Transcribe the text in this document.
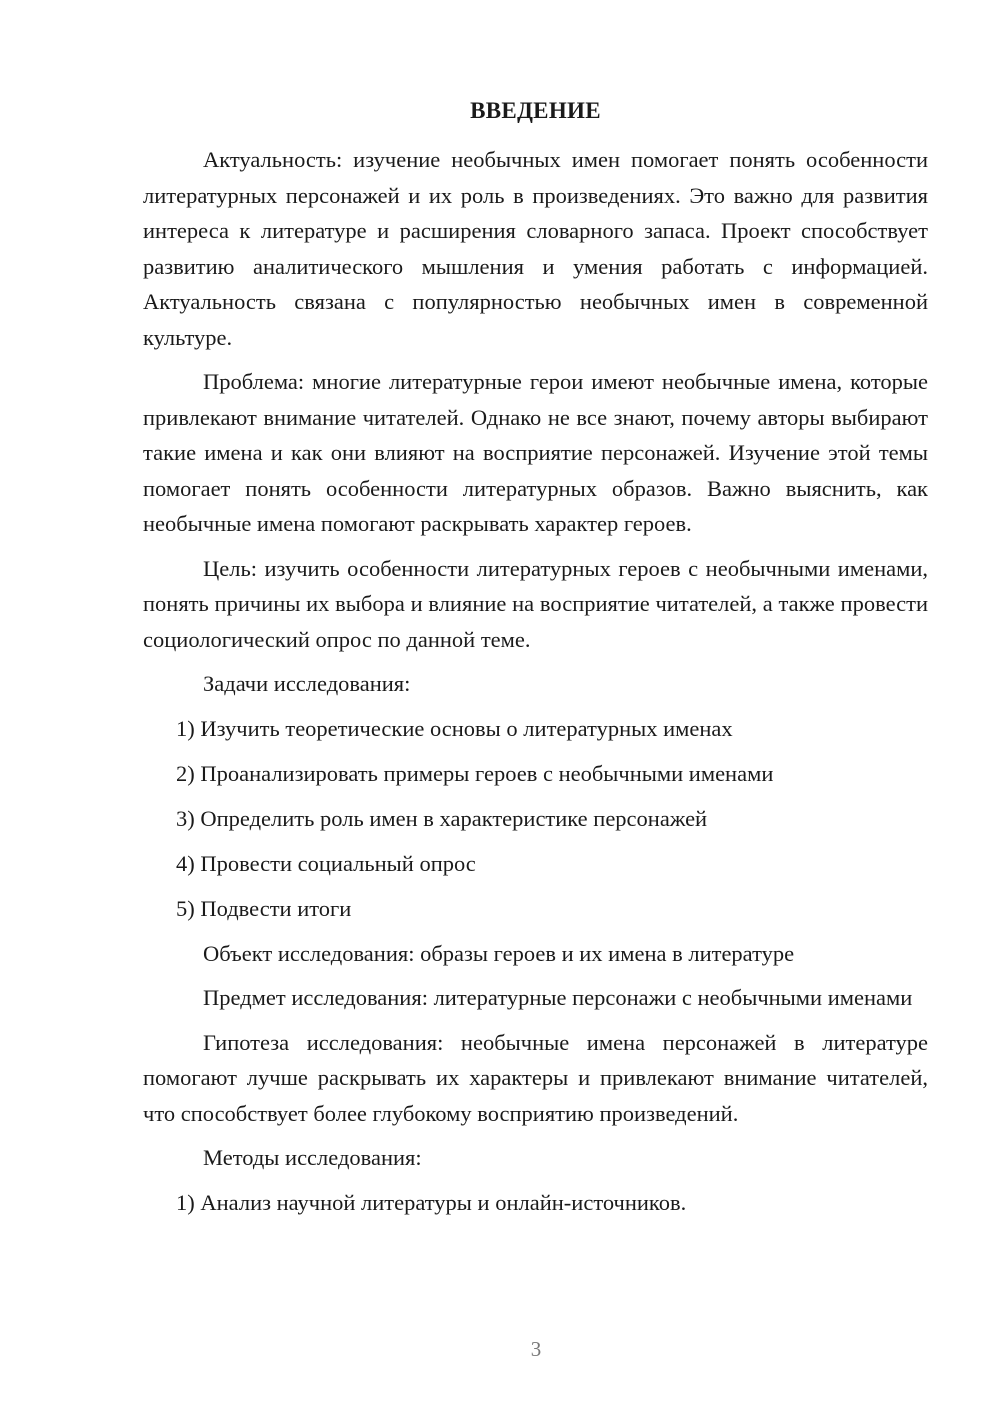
ВВЕДЕНИЕ

Актуальность: изучение необычных имен помогает понять особенности литературных персонажей и их роль в произведениях. Это важно для развития интереса к литературе и расширения словарного запаса. Проект способствует развитию аналитического мышления и умения работать с информацией. Актуальность связана с популярностью необычных имен в современной культуре.

Проблема: многие литературные герои имеют необычные имена, которые привлекают внимание читателей. Однако не все знают, почему авторы выбирают такие имена и как они влияют на восприятие персонажей. Изучение этой темы помогает понять особенности литературных образов. Важно выяснить, как необычные имена помогают раскрывать характер героев.

Цель: изучить особенности литературных героев с необычными именами, понять причины их выбора и влияние на восприятие читателей, а также провести социологический опрос по данной теме.

Задачи исследования:

1) Изучить теоретические основы о литературных именах

2) Проанализировать примеры героев с необычными именами

3) Определить роль имен в характеристике персонажей

4) Провести социальный опрос

5) Подвести итоги

Объект исследования: образы героев и их имена в литературе

Предмет исследования: литературные персонажи с необычными именами

Гипотеза исследования: необычные имена персонажей в литературе помогают лучше раскрывать их характеры и привлекают внимание читателей, что способствует более глубокому восприятию произведений.

Методы исследования:

1) Анализ научной литературы и онлайн-источников.

3
